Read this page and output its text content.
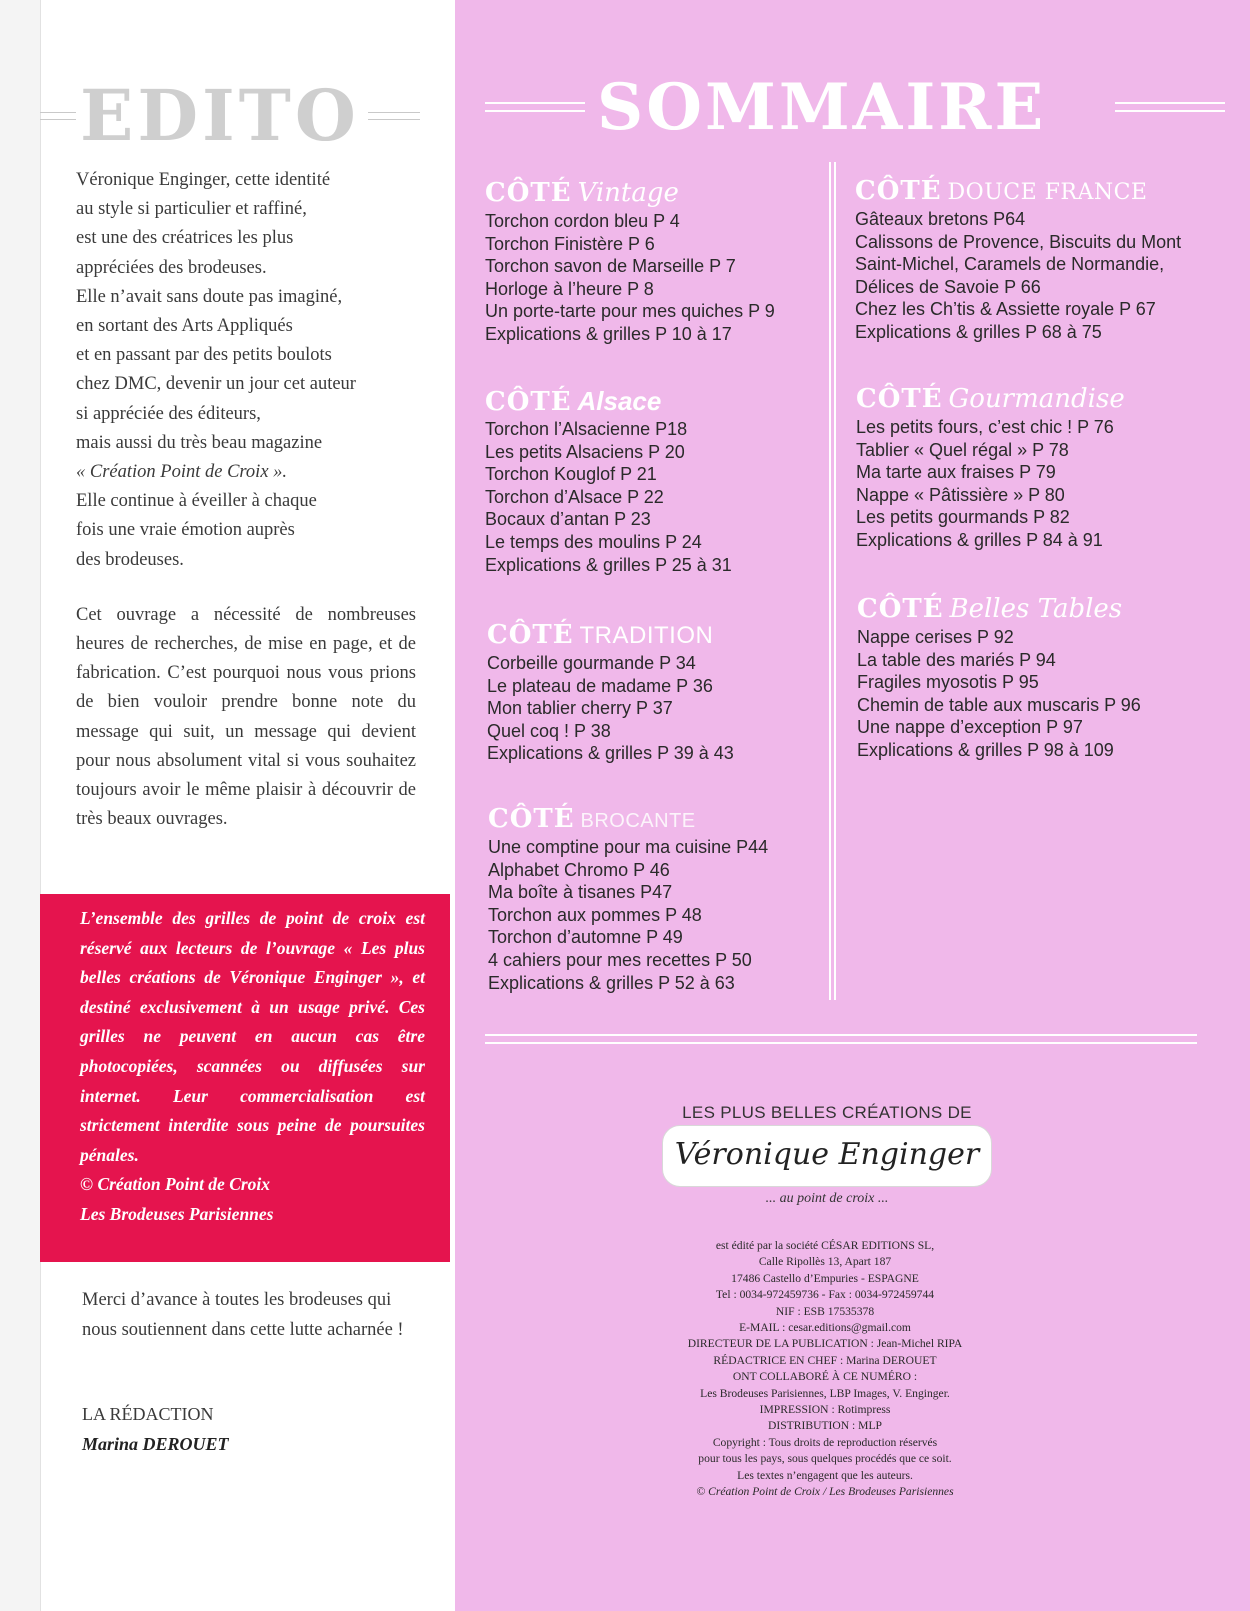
EDITO

Véronique Enginger, cette identité
au style si particulier et raffiné,
est une des créatrices les plus
appréciées des brodeuses.
Elle n’avait sans doute pas imaginé,
en sortant des Arts Appliqués
et en passant par des petits boulots
chez DMC, devenir un jour cet auteur
si appréciée des éditeurs,
mais aussi du très beau magazine
« Création Point de Croix ».
Elle continue à éveiller à chaque
fois une vraie émotion auprès
des brodeuses.

Cet ouvrage a nécessité de nombreuses heures de recherches, de mise en page, et de fabrication. C’est pourquoi nous vous prions de bien vouloir prendre bonne note du message qui suit, un message qui devient pour nous absolument vital si vous souhaitez toujours avoir le même plaisir à découvrir de très beaux ouvrages.

L’ensemble des grilles de point de croix est réservé aux lecteurs de l’ouvrage « Les plus belles créations de Véronique Enginger », et destiné exclusivement à un usage privé. Ces grilles ne peuvent en aucun cas être photocopiées, scannées ou diffusées sur internet. Leur commercialisation est strictement interdite sous peine de poursuites pénales.
© Création Point de Croix
Les Brodeuses Parisiennes
Merci d’avance à toutes les brodeuses qui nous soutiennent dans cette lutte acharnée !
LA RÉDACTION
Marina DEROUET
SOMMAIRE
CÔTÉ Vintage
Torchon cordon bleu P 4
Torchon Finistère P 6
Torchon savon de Marseille P 7
Horloge à l’heure P 8
Un porte-tarte pour mes quiches P 9
Explications & grilles P 10 à 17
CÔTÉ Alsace
Torchon l’Alsacienne P18
Les petits Alsaciens P 20
Torchon Kouglof P 21
Torchon d’Alsace P 22
Bocaux d’antan P 23
Le temps des moulins P 24
Explications & grilles P 25 à 31
CÔTÉ TRADITION
Corbeille gourmande P 34
Le plateau de madame P 36
Mon tablier cherry P 37
Quel coq ! P 38
Explications & grilles P 39 à 43
CÔTÉ BROCANTE
Une comptine pour ma cuisine P44
Alphabet Chromo P 46
Ma boîte à tisanes P47
Torchon aux pommes P 48
Torchon d’automne P 49
4 cahiers pour mes recettes P 50
Explications & grilles P 52 à 63
CÔTÉ DOUCE FRANCE
Gâteaux bretons P64
Calissons de Provence, Biscuits du Mont
Saint-Michel, Caramels de Normandie,
Délices de Savoie P 66
Chez les Ch’tis & Assiette royale P 67
Explications & grilles P 68 à 75
CÔTÉ Gourmandise
Les petits fours, c’est chic ! P 76
Tablier « Quel régal » P 78
Ma tarte aux fraises P 79
Nappe « Pâtissière » P 80
Les petits gourmands P 82
Explications & grilles P 84 à 91
CÔTÉ Belles Tables
Nappe cerises P 92
La table des mariés P 94
Fragiles myosotis P 95
Chemin de table aux muscaris P 96
Une nappe d’exception P 97
Explications & grilles P 98 à 109
LES PLUS BELLES CRÉATIONS DE
Véronique Enginger
... au point de croix ...
est édité par la société CÉSAR EDITIONS SL,
Calle Ripollès 13, Apart 187
17486 Castello d’Empuries - ESPAGNE
Tel : 0034-972459736 - Fax : 0034-972459744
NIF : ESB 17535378
E-MAIL : cesar.editions@gmail.com
DIRECTEUR DE LA PUBLICATION : Jean-Michel RIPA
RÉDACTRICE EN CHEF : Marina DEROUET
ONT COLLABORÉ À CE NUMÉRO :
Les Brodeuses Parisiennes, LBP Images, V. Enginger.
IMPRESSION : Rotimpress
DISTRIBUTION : MLP
Copyright : Tous droits de reproduction réservés
pour tous les pays, sous quelques procédés que ce soit.
Les textes n’engagent que les auteurs.
© Création Point de Croix / Les Brodeuses Parisiennes
